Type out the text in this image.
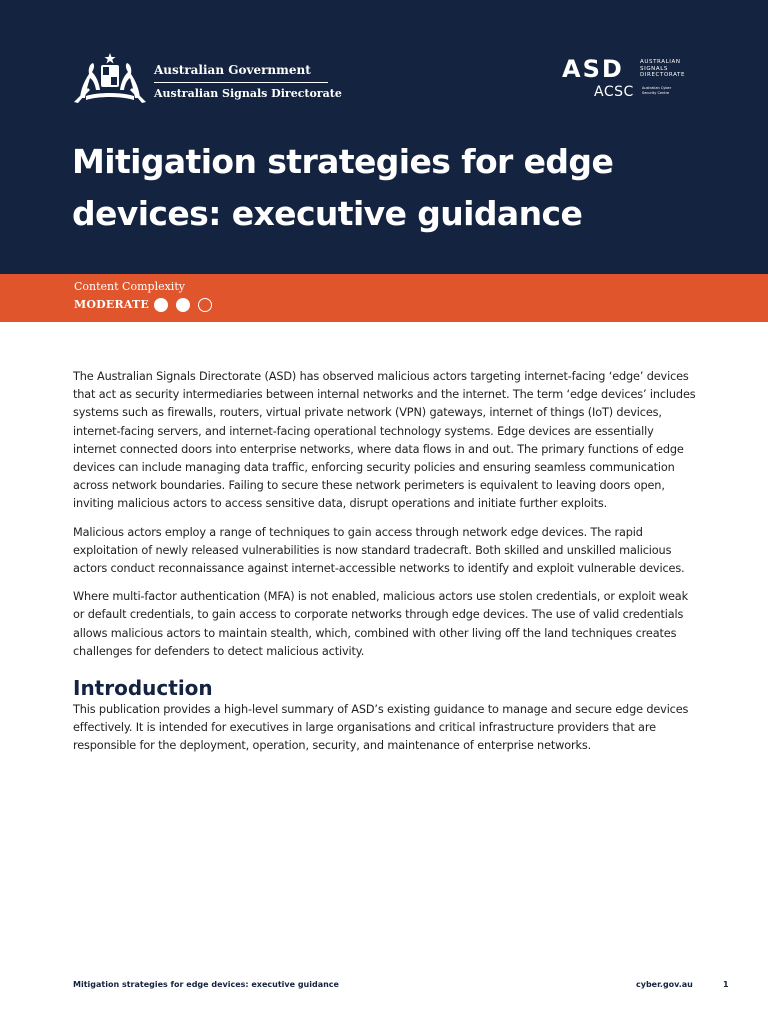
Australian Government
Australian Signals Directorate
ASD	AUSTRALIAN SIGNALS DIRECTORATE
ACSC Australian Cyber Security Centre
Mitigation strategies for edge devices: executive guidance
Content Complexity
MODERATE

The Australian Signals Directorate (ASD) has observed malicious actors targeting internet-facing ‘edge’ devices that act as security intermediaries between internal networks and the internet. The term ‘edge devices’ includes systems such as firewalls, routers, virtual private network (VPN) gateways, internet of things (IoT) devices, internet-facing servers, and internet-facing operational technology systems. Edge devices are essentially internet connected doors into enterprise networks, where data flows in and out. The primary functions of edge devices can include managing data traffic, enforcing security policies and ensuring seamless communication across network boundaries. Failing to secure these network perimeters is equivalent to leaving doors open, inviting malicious actors to access sensitive data, disrupt operations and initiate further exploits.

Malicious actors employ a range of techniques to gain access through network edge devices. The rapid exploitation of newly released vulnerabilities is now standard tradecraft. Both skilled and unskilled malicious actors conduct reconnaissance against internet-accessible networks to identify and exploit vulnerable devices.

Where multi-factor authentication (MFA) is not enabled, malicious actors use stolen credentials, or exploit weak or default credentials, to gain access to corporate networks through edge devices. The use of valid credentials allows malicious actors to maintain stealth, which, combined with other living off the land techniques creates challenges for defenders to detect malicious activity.

Introduction

This publication provides a high-level summary of ASD’s existing guidance to manage and secure edge devices effectively. It is intended for executives in large organisations and critical infrastructure providers that are responsible for the deployment, operation, security, and maintenance of enterprise networks.

Mitigation strategies for edge devices: executive guidance	cyber.gov.au	1
